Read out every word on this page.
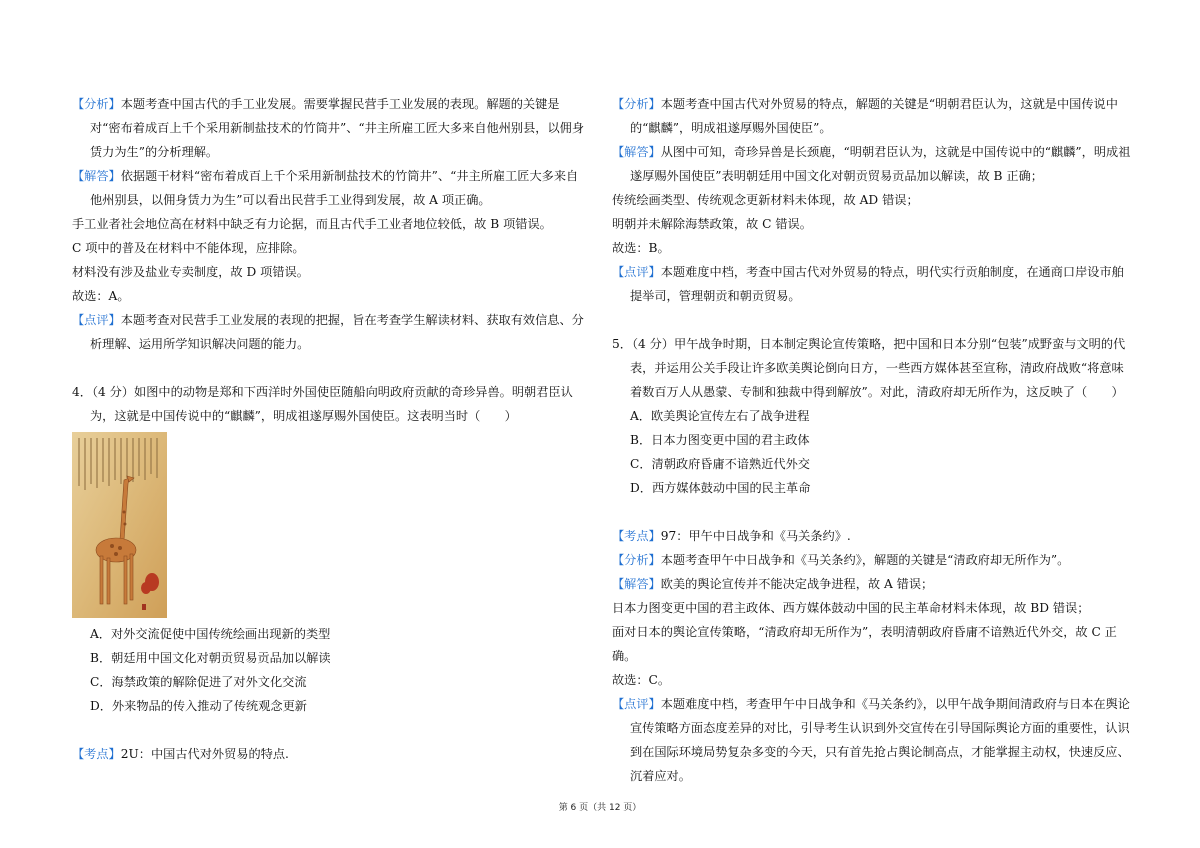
【分析】本题考查中国古代的手工业发展。需要掌握民营手工业发展的表现。解题的关键是对“密布着成百上千个采用新制盐技术的竹筒井”、“井主所雇工匠大多来自他州别县，以佣身赁力为生”的分析理解。

【解答】依据题干材料“密布着成百上千个采用新制盐技术的竹筒井”、“井主所雇工匠大多来自他州别县，以佣身赁力为生”可以看出民营手工业得到发展，故 A 项正确。

手工业者社会地位高在材料中缺乏有力论据，而且古代手工业者地位较低，故 B 项错误。

C 项中的普及在材料中不能体现，应排除。

材料没有涉及盐业专卖制度，故 D 项错误。

故选：A。

【点评】本题考查对民营手工业发展的表现的把握，旨在考查学生解读材料、获取有效信息、分析理解、运用所学知识解决问题的能力。

4．（4 分）如图中的动物是郑和下西洋时外国使臣随船向明政府贡献的奇珍异兽。明朝君臣认为，这就是中国传说中的“麒麟”，明成祖遂厚赐外国使臣。这表明当时（　　）

A．对外交流促使中国传统绘画出现新的类型

B．朝廷用中国文化对朝贡贸易贡品加以解读

C．海禁政策的解除促进了对外文化交流

D．外来物品的传入推动了传统观念更新

【考点】2U：中国古代对外贸易的特点.

【分析】本题考查中国古代对外贸易的特点，解题的关键是“明朝君臣认为，这就是中国传说中的“麒麟”，明成祖遂厚赐外国使臣”。

【解答】从图中可知，奇珍异兽是长颈鹿，“明朝君臣认为，这就是中国传说中的“麒麟”，明成祖遂厚赐外国使臣”表明朝廷用中国文化对朝贡贸易贡品加以解读，故 B 正确；

传统绘画类型、传统观念更新材料未体现，故 AD 错误；

明朝并未解除海禁政策，故 C 错误。

故选：B。

【点评】本题难度中档，考查中国古代对外贸易的特点，明代实行贡舶制度，在通商口岸设市舶提举司，管理朝贡和朝贡贸易。

5．（4 分）甲午战争时期，日本制定舆论宣传策略，把中国和日本分别“包装”成野蛮与文明的代表，并运用公关手段让许多欧美舆论倒向日方，一些西方媒体甚至宣称，清政府战败“将意味着数百万人从愚蒙、专制和独裁中得到解放”。对此，清政府却无所作为，这反映了（　　）

A．欧美舆论宣传左右了战争进程

B．日本力图变更中国的君主政体

C．清朝政府昏庸不谙熟近代外交

D．西方媒体鼓动中国的民主革命

【考点】97：甲午中日战争和《马关条约》.

【分析】本题考查甲午中日战争和《马关条约》，解题的关键是“清政府却无所作为”。

【解答】欧美的舆论宣传并不能决定战争进程，故 A 错误；

日本力图变更中国的君主政体、西方媒体鼓动中国的民主革命材料未体现，故 BD 错误；

面对日本的舆论宣传策略，“清政府却无所作为”，表明清朝政府昏庸不谙熟近代外交，故 C 正确。

故选：C。

【点评】本题难度中档，考查甲午中日战争和《马关条约》，以甲午战争期间清政府与日本在舆论宣传策略方面态度差异的对比，引导考生认识到外交宣传在引导国际舆论方面的重要性，认识到在国际环境局势复杂多变的今天，只有首先抢占舆论制高点，才能掌握主动权，快速反应、沉着应对。

第 6 页（共 12 页）
